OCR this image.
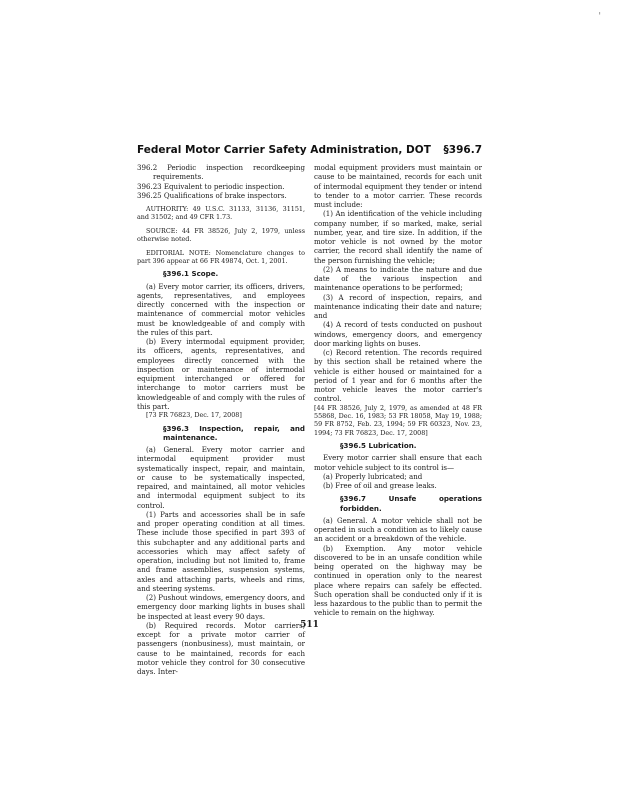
'
Federal Motor Carrier Safety Administration, DOT §396.7

396.2 Periodic inspection recordkeeping requirements.

396.23 Equivalent to periodic inspection.

396.25 Qualifications of brake inspectors.

AUTHORITY: 49 U.S.C. 31133, 31136, 31151, and 31502; and 49 CFR 1.73.

SOURCE: 44 FR 38526, July 2, 1979, unless otherwise noted.

EDITORIAL NOTE: Nomenclature changes to part 396 appear at 66 FR 49874, Oct. 1, 2001.

§396.1 Scope.

(a) Every motor carrier, its officers, drivers, agents, representatives, and employees directly concerned with the inspection or maintenance of commercial motor vehicles must be knowledgeable of and comply with the rules of this part.

(b) Every intermodal equipment provider, its officers, agents, representatives, and employees directly concerned with the inspection or maintenance of intermodal equipment interchanged or offered for interchange to motor carriers must be knowledgeable of and comply with the rules of this part.

[73 FR 76823, Dec. 17, 2008]

§396.3 Inspection, repair, and maintenance.

(a) General. Every motor carrier and intermodal equipment provider must systematically inspect, repair, and maintain, or cause to be systematically inspected, repaired, and maintained, all motor vehicles and intermodal equipment subject to its control.

(1) Parts and accessories shall be in safe and proper operating condition at all times. These include those specified in part 393 of this subchapter and any additional parts and accessories which may affect safety of operation, including but not limited to, frame and frame assemblies, suspension systems, axles and attaching parts, wheels and rims, and steering systems.

(2) Pushout windows, emergency doors, and emergency door marking lights in buses shall be inspected at least every 90 days.

(b) Required records. Motor carriers, except for a private motor carrier of passengers (nonbusiness), must maintain, or cause to be maintained, records for each motor vehicle they control for 30 consecutive days. Inter-

modal equipment providers must maintain or cause to be maintained, records for each unit of intermodal equipment they tender or intend to tender to a motor carrier. These records must include:

(1) An identification of the vehicle including company number, if so marked, make, serial number, year, and tire size. In addition, if the motor vehicle is not owned by the motor carrier, the record shall identify the name of the person furnishing the vehicle;

(2) A means to indicate the nature and due date of the various inspection and maintenance operations to be performed;

(3) A record of inspection, repairs, and maintenance indicating their date and nature; and

(4) A record of tests conducted on pushout windows, emergency doors, and emergency door marking lights on buses.

(c) Record retention. The records required by this section shall be retained where the vehicle is either housed or maintained for a period of 1 year and for 6 months after the motor vehicle leaves the motor carrier's control.

[44 FR 38526, July 2, 1979, as amended at 48 FR 55868, Dec. 16, 1983; 53 FR 18058, May 19, 1988; 59 FR 8752, Feb. 23, 1994; 59 FR 60323, Nov. 23, 1994; 73 FR 76823, Dec. 17, 2008]

§396.5 Lubrication.

Every motor carrier shall ensure that each motor vehicle subject to its control is—

(a) Properly lubricated; and

(b) Free of oil and grease leaks.

§396.7 Unsafe operations forbidden.

(a) General. A motor vehicle shall not be operated in such a condition as to likely cause an accident or a breakdown of the vehicle.

(b) Exemption. Any motor vehicle discovered to be in an unsafe condition while being operated on the highway may be continued in operation only to the nearest place where repairs can safely be effected. Such operation shall be conducted only if it is less hazardous to the public than to permit the vehicle to remain on the highway.

511
